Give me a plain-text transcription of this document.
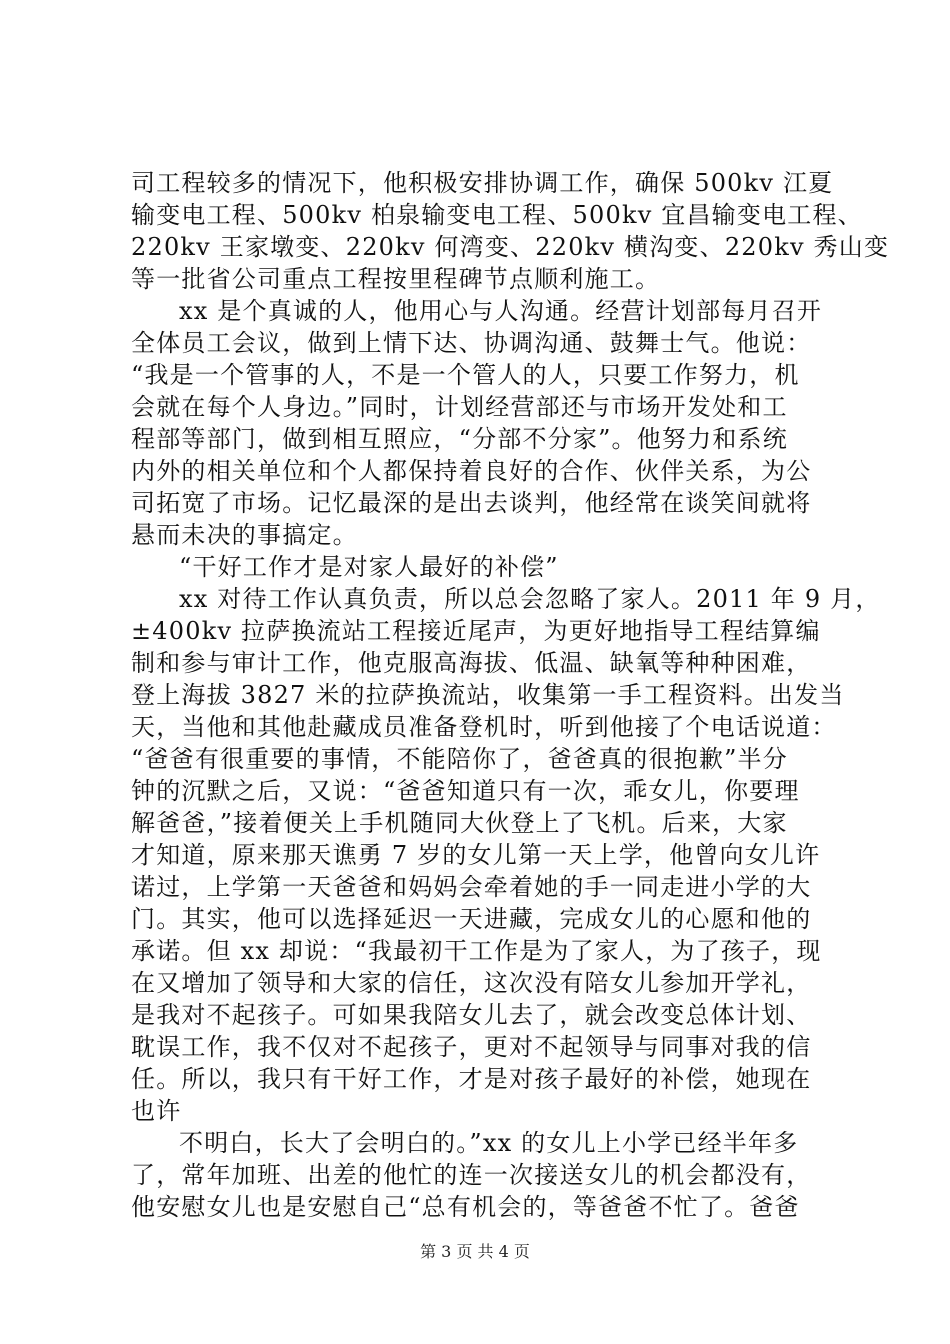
司工程较多的情况下，他积极安排协调工作，确保 500kv 江夏
输变电工程、500kv 柏泉输变电工程、500kv 宜昌输变电工程、
220kv 王家墩变、220kv 何湾变、220kv 横沟变、220kv 秀山变
等一批省公司重点工程按里程碑节点顺利施工。
xx 是个真诚的人，他用心与人沟通。经营计划部每月召开
全体员工会议，做到上情下达、协调沟通、鼓舞士气。他说：
“我是一个管事的人，不是一个管人的人，只要工作努力，机
会就在每个人身边。”同时，计划经营部还与市场开发处和工
程部等部门，做到相互照应，“分部不分家”。他努力和系统
内外的相关单位和个人都保持着良好的合作、伙伴关系，为公
司拓宽了市场。记忆最深的是出去谈判，他经常在谈笑间就将
悬而未决的事搞定。
“干好工作才是对家人最好的补偿”
xx 对待工作认真负责，所以总会忽略了家人。2011 年 9 月，
±400kv 拉萨换流站工程接近尾声，为更好地指导工程结算编
制和参与审计工作，他克服高海拔、低温、缺氧等种种困难，
登上海拔 3827 米的拉萨换流站，收集第一手工程资料。出发当
天，当他和其他赴藏成员准备登机时，听到他接了个电话说道：
“爸爸有很重要的事情，不能陪你了，爸爸真的很抱歉”半分
钟的沉默之后，又说：“爸爸知道只有一次，乖女儿，你要理
解爸爸，”接着便关上手机随同大伙登上了飞机。后来，大家
才知道，原来那天谯勇 7 岁的女儿第一天上学，他曾向女儿许
诺过，上学第一天爸爸和妈妈会牵着她的手一同走进小学的大
门。其实，他可以选择延迟一天进藏，完成女儿的心愿和他的
承诺。但 xx 却说：“我最初干工作是为了家人，为了孩子，现
在又增加了领导和大家的信任，这次没有陪女儿参加开学礼，
是我对不起孩子。可如果我陪女儿去了，就会改变总体计划、
耽误工作，我不仅对不起孩子，更对不起领导与同事对我的信
任。所以，我只有干好工作，才是对孩子最好的补偿，她现在
也许
不明白，长大了会明白的。”xx 的女儿上小学已经半年多
了，常年加班、出差的他忙的连一次接送女儿的机会都没有，
他安慰女儿也是安慰自己“总有机会的，等爸爸不忙了。爸爸
第 3 页 共 4 页
